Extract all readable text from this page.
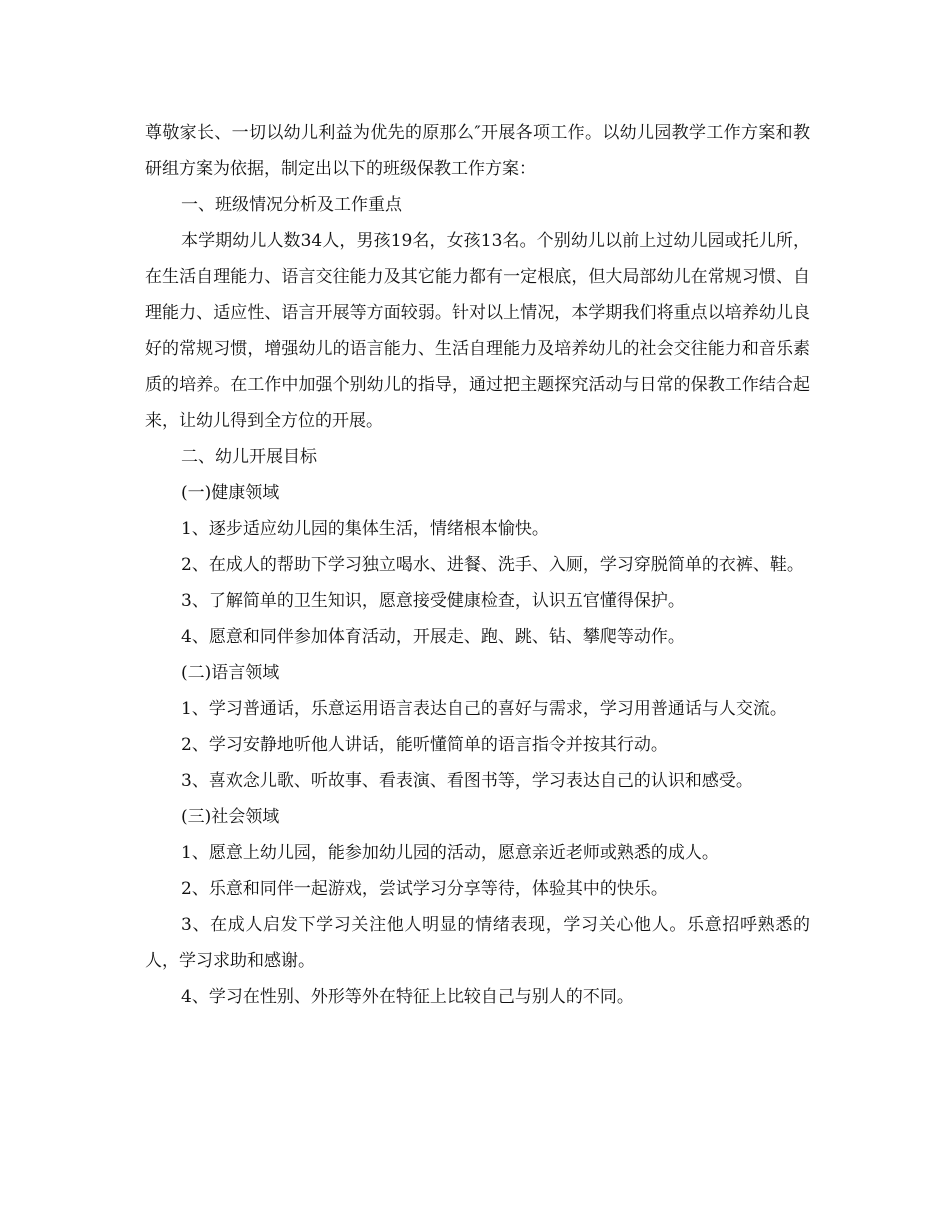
尊敬家长、一切以幼儿利益为优先的原那么″开展各项工作。以幼儿园教学工作方案和教研组方案为依据，制定出以下的班级保教工作方案：

一、班级情况分析及工作重点

本学期幼儿人数34人，男孩19名，女孩13名。个别幼儿以前上过幼儿园或托儿所，在生活自理能力、语言交往能力及其它能力都有一定根底，但大局部幼儿在常规习惯、自理能力、适应性、语言开展等方面较弱。针对以上情况，本学期我们将重点以培养幼儿良好的常规习惯，增强幼儿的语言能力、生活自理能力及培养幼儿的社会交往能力和音乐素质的培养。在工作中加强个别幼儿的指导，通过把主题探究活动与日常的保教工作结合起来，让幼儿得到全方位的开展。

二、幼儿开展目标

(一)健康领域

1、逐步适应幼儿园的集体生活，情绪根本愉快。

2、在成人的帮助下学习独立喝水、进餐、洗手、入厕，学习穿脱简单的衣裤、鞋。

3、了解简单的卫生知识，愿意接受健康检查，认识五官懂得保护。

4、愿意和同伴参加体育活动，开展走、跑、跳、钻、攀爬等动作。

(二)语言领域

1、学习普通话，乐意运用语言表达自己的喜好与需求，学习用普通话与人交流。

2、学习安静地听他人讲话，能听懂简单的语言指令并按其行动。

3、喜欢念儿歌、听故事、看表演、看图书等，学习表达自己的认识和感受。

(三)社会领域

1、愿意上幼儿园，能参加幼儿园的活动，愿意亲近老师或熟悉的成人。

2、乐意和同伴一起游戏，尝试学习分享等待，体验其中的快乐。

3、在成人启发下学习关注他人明显的情绪表现，学习关心他人。乐意招呼熟悉的人，学习求助和感谢。

4、学习在性别、外形等外在特征上比较自己与别人的不同。
